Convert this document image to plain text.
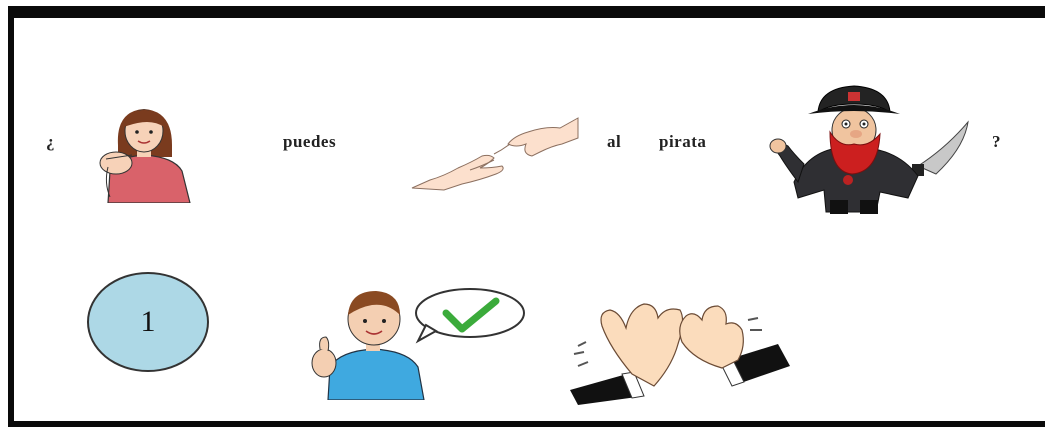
¿	puedes	al pirata	?
1
